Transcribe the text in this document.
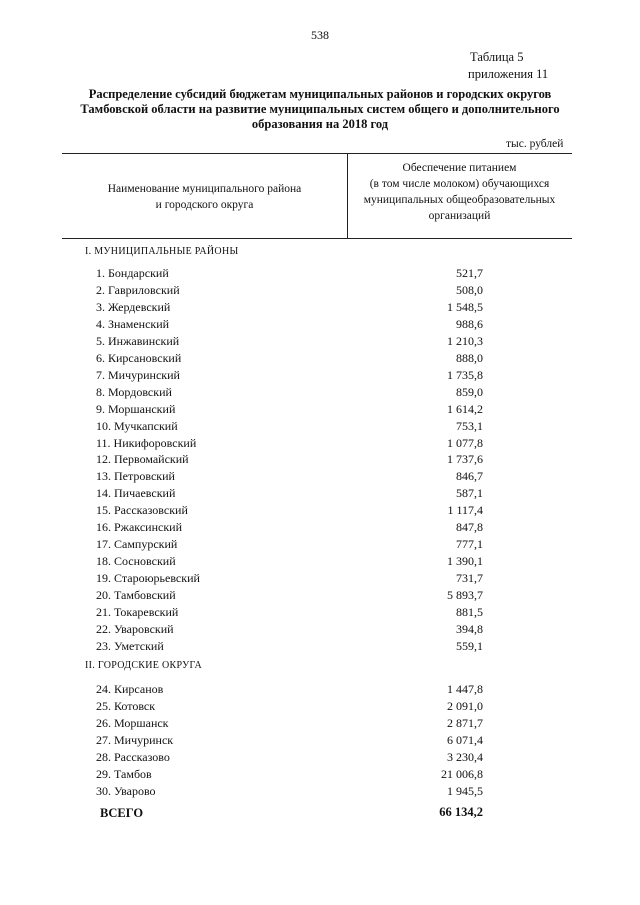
538
Таблица 5
приложения 11
Распределение субсидий бюджетам муниципальных районов и городских округов
Тамбовской области на развитие муниципальных систем общего и дополнительного
образования на 2018 год
тыс. рублей
Наименование муниципального района
и городского округа
Обеспечение питанием
(в том числе молоком) обучающихся
муниципальных общеобразовательных
организаций
I. МУНИЦИПАЛЬНЫЕ РАЙОНЫ
1. Бондарский	521,7
2. Гавриловский	508,0
3. Жердевский	1 548,5
4. Знаменский	988,6
5. Инжавинский	1 210,3
6. Кирсановский	888,0
7. Мичуринский	1 735,8
8. Мордовский	859,0
9. Моршанский	1 614,2
10. Мучкапский	753,1
11. Никифоровский	1 077,8
12. Первомайский	1 737,6
13. Петровский	846,7
14. Пичаевский	587,1
15. Рассказовский	1 117,4
16. Ржаксинский	847,8
17. Сампурский	777,1
18. Сосновский	1 390,1
19. Староюрьевский	731,7
20. Тамбовский	5 893,7
21. Токаревский	881,5
22. Уваровский	394,8
23. Уметский	559,1
II. ГОРОДСКИЕ ОКРУГА
24. Кирсанов	1 447,8
25. Котовск	2 091,0
26. Моршанск	2 871,7
27. Мичуринск	6 071,4
28. Рассказово	3 230,4
29. Тамбов	21 006,8
30. Уварово	1 945,5
ВСЕГО	66 134,2
